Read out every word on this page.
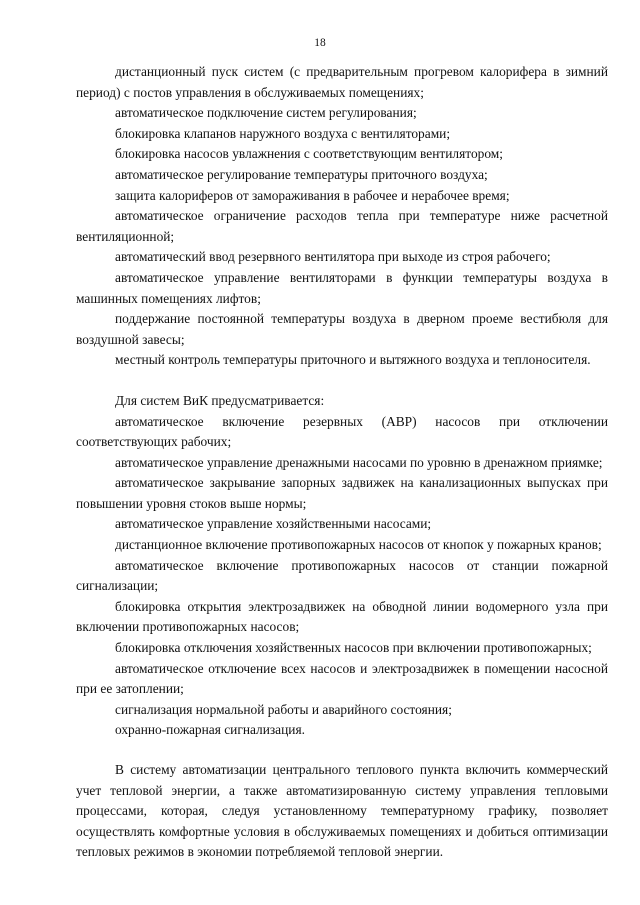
18

дистанционный пуск систем (с предварительным прогревом калорифера в зимний период) с постов управления в обслуживаемых помещениях;

автоматическое подключение систем регулирования;

блокировка клапанов наружного воздуха с вентиляторами;

блокировка насосов увлажнения с соответствующим вентилятором;

автоматическое регулирование температуры приточного воздуха;

защита калориферов от замораживания в рабочее и нерабочее время;

автоматическое ограничение расходов тепла при температуре ниже расчетной вентиляционной;

автоматический ввод резервного вентилятора при выходе из строя рабочего;

автоматическое управление вентиляторами в функции температуры воздуха в машинных помещениях лифтов;

поддержание постоянной температуры воздуха в дверном проеме вестибюля для воздушной завесы;

местный контроль температуры приточного и вытяжного воздуха и теплоносителя.

Для систем ВиК предусматривается:

автоматическое включение резервных (АВР) насосов при отключении соответствующих рабочих;

автоматическое управление дренажными насосами по уровню в дренажном приямке;

автоматическое закрывание запорных задвижек на канализационных выпусках при повышении уровня стоков выше нормы;

автоматическое управление хозяйственными насосами;

дистанционное включение противопожарных насосов от кнопок у пожарных кранов;

автоматическое включение противопожарных насосов от станции пожарной сигнализации;

блокировка открытия электрозадвижек на обводной линии водомерного узла при включении противопожарных насосов;

блокировка отключения хозяйственных насосов при включении противопожарных;

автоматическое отключение всех насосов и электрозадвижек в помещении насосной при ее затоплении;

сигнализация нормальной работы и аварийного состояния;

охранно-пожарная сигнализация.

В систему автоматизации центрального теплового пункта включить коммерческий учет тепловой энергии, а также автоматизированную систему управления тепловыми процессами, которая, следуя установленному температурному графику, позволяет осуществлять комфортные условия в обслуживаемых помещениях и добиться оптимизации тепловых режимов в экономии потребляемой тепловой энергии.
